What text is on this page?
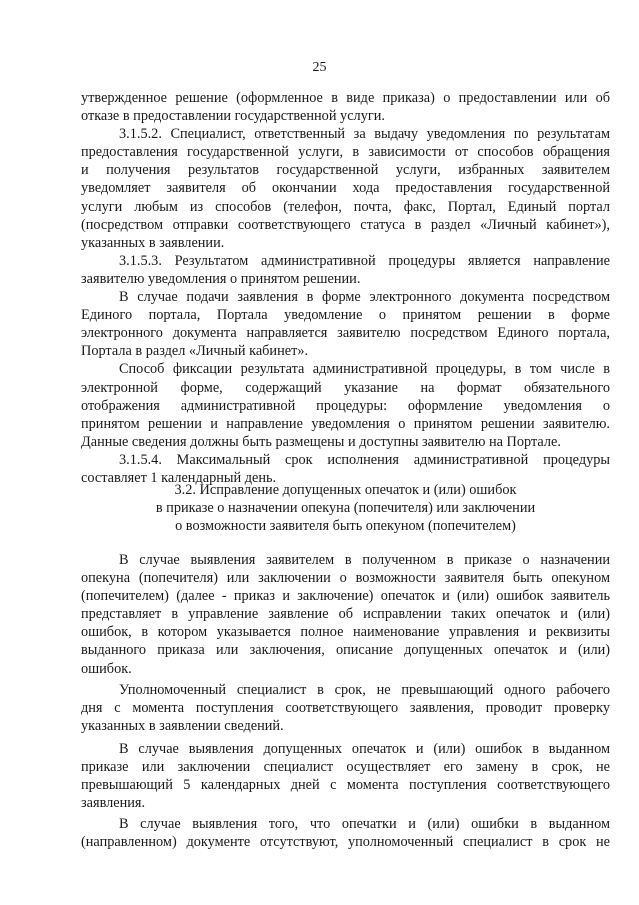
25
утвержденное решение (оформленное в виде приказа) о предоставлении или об
отказе в предоставлении государственной услуги.
3.1.5.2. Специалист, ответственный за выдачу уведомления по результатам
предоставления государственной услуги, в зависимости от способов обращения
и получения результатов государственной услуги, избранных заявителем
уведомляет заявителя об окончании хода предоставления государственной
услуги любым из способов (телефон, почта, факс, Портал, Единый портал
(посредством отправки соответствующего статуса в раздел «Личный кабинет»),
указанных в заявлении.
3.1.5.3. Результатом административной процедуры является направление
заявителю уведомления о принятом решении.
В случае подачи заявления в форме электронного документа посредством
Единого портала, Портала уведомление о принятом решении в форме
электронного документа направляется заявителю посредством Единого портала,
Портала в раздел «Личный кабинет».
Способ фиксации результата административной процедуры, в том числе в
электронной форме, содержащий указание на формат обязательного
отображения административной процедуры: оформление уведомления о
принятом решении и направление уведомления о принятом решении заявителю.
Данные сведения должны быть размещены и доступны заявителю на Портале.
3.1.5.4. Максимальный срок исполнения административной процедуры
составляет 1 календарный день.
3.2. Исправление допущенных опечаток и (или) ошибок
в приказе о назначении опекуна (попечителя) или заключении
о возможности заявителя быть опекуном (попечителем)
В случае выявления заявителем в полученном в приказе о назначении
опекуна (попечителя) или заключении о возможности заявителя быть опекуном
(попечителем) (далее - приказ и заключение) опечаток и (или) ошибок заявитель
представляет в управление заявление об исправлении таких опечаток и (или)
ошибок, в котором указывается полное наименование управления и реквизиты
выданного приказа или заключения, описание допущенных опечаток и (или)
ошибок.
Уполномоченный специалист в срок, не превышающий одного рабочего
дня с момента поступления соответствующего заявления, проводит проверку
указанных в заявлении сведений.
В случае выявления допущенных опечаток и (или) ошибок в выданном
приказе или заключении специалист осуществляет его замену в срок, не
превышающий 5 календарных дней с момента поступления соответствующего
заявления.
В случае выявления того, что опечатки и (или) ошибки в выданном
(направленном) документе отсутствуют, уполномоченный специалист в срок не
